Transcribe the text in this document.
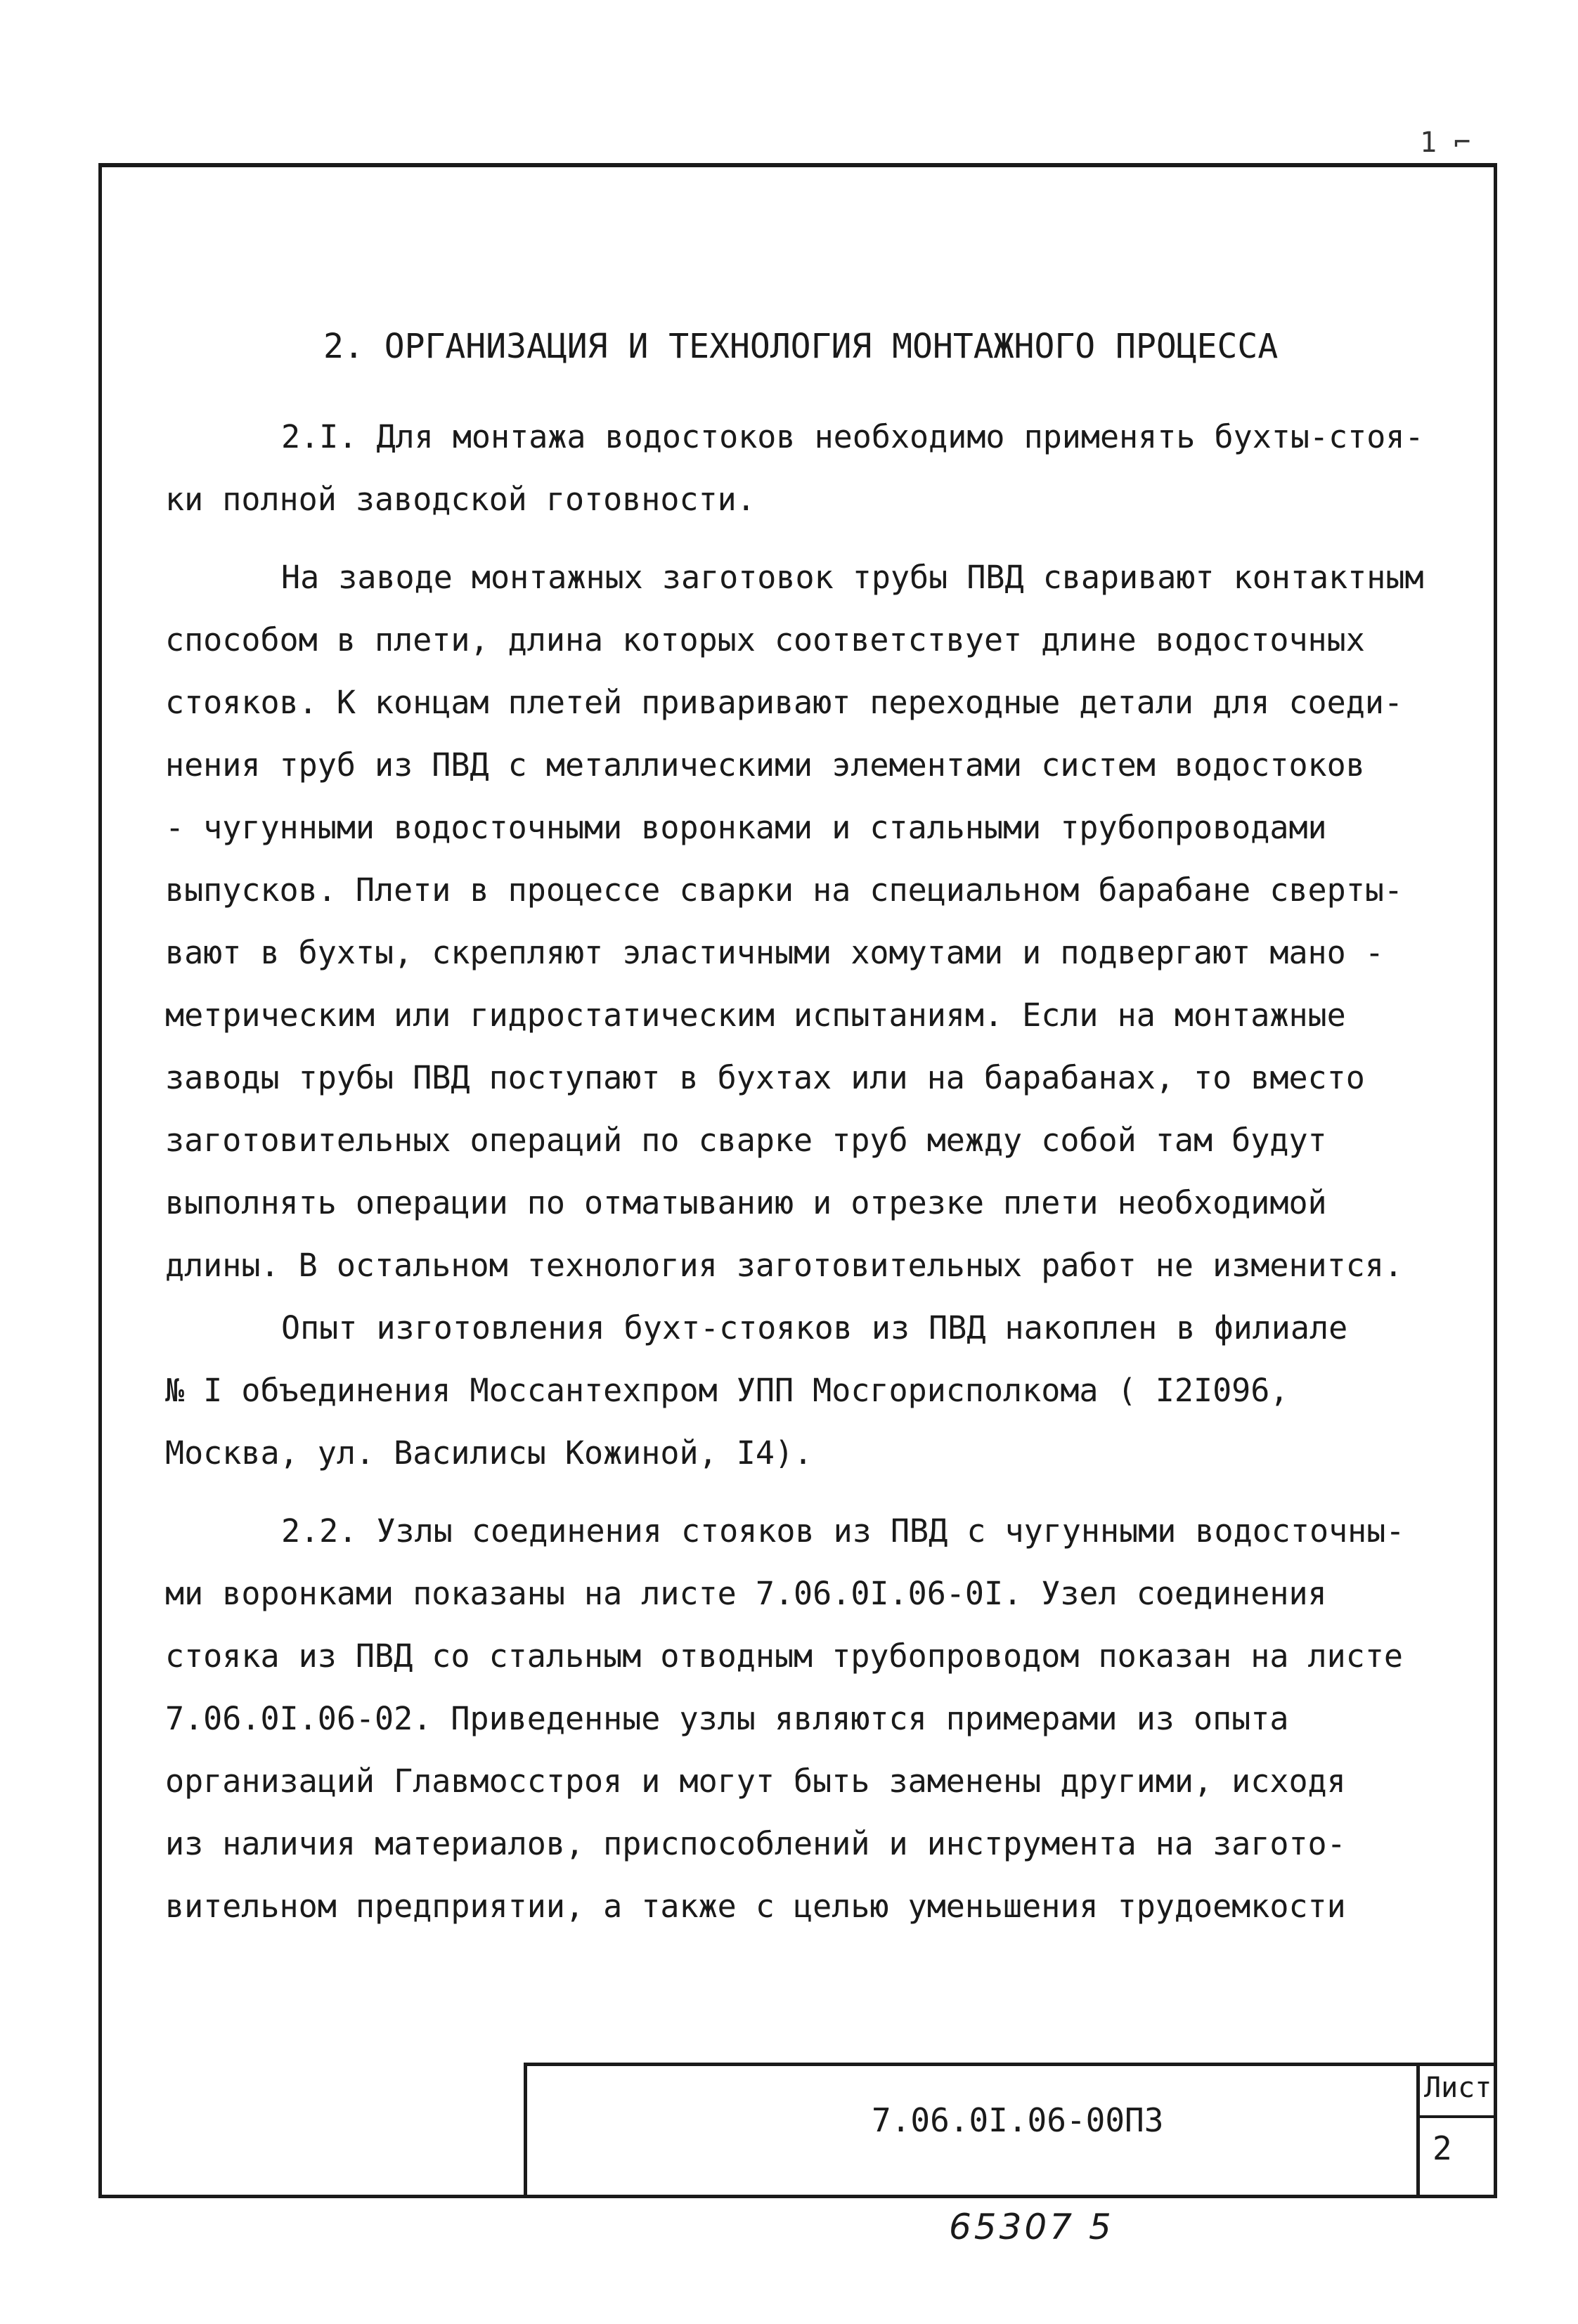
1 ⌐
2. ОРГАНИЗАЦИЯ И ТЕХНОЛОГИЯ МОНТАЖНОГО ПРОЦЕССА
2.I. Для монтажа водостоков необходимо применять бухты-стоя-
ки полной заводской готовности.
На заводе монтажных заготовок трубы ПВД сваривают контактным
способом в плети, длина которых соответствует длине водосточных
стояков. К концам плетей приваривают переходные детали для соеди-
нения труб из ПВД с металлическими элементами систем водостоков
- чугунными водосточными воронками и стальными трубопроводами
выпусков. Плети в процессе сварки на специальном барабане сверты-
вают в бухты, скрепляют эластичными хомутами и подвергают мано -
метрическим или гидростатическим испытаниям. Если на монтажные
заводы трубы ПВД поступают в бухтах или на барабанах, то вместо
заготовительных операций по сварке труб между собой там будут
выполнять операции по отматыванию и отрезке плети необходимой
длины. В остальном технология заготовительных работ не изменится.
Опыт изготовления бухт-стояков из ПВД накоплен в филиале
№ I объединения Моссантехпром УПП Мосгорисполкома ( I2I096,
Москва, ул. Василисы Кожиной, I4).
2.2. Узлы соединения стояков из ПВД с чугунными водосточны-
ми воронками показаны на листе 7.06.0I.06-0I. Узел соединения
стояка из ПВД со стальным отводным трубопроводом показан на листе
7.06.0I.06-02. Приведенные узлы являются примерами из опыта
организаций Главмосстроя и могут быть заменены другими, исходя
из наличия материалов, приспособлений и инструмента на загото-
вительном предприятии, а также с целью уменьшения трудоемкости
7.06.0I.06-00ПЗ
Лист
2
65307 5
